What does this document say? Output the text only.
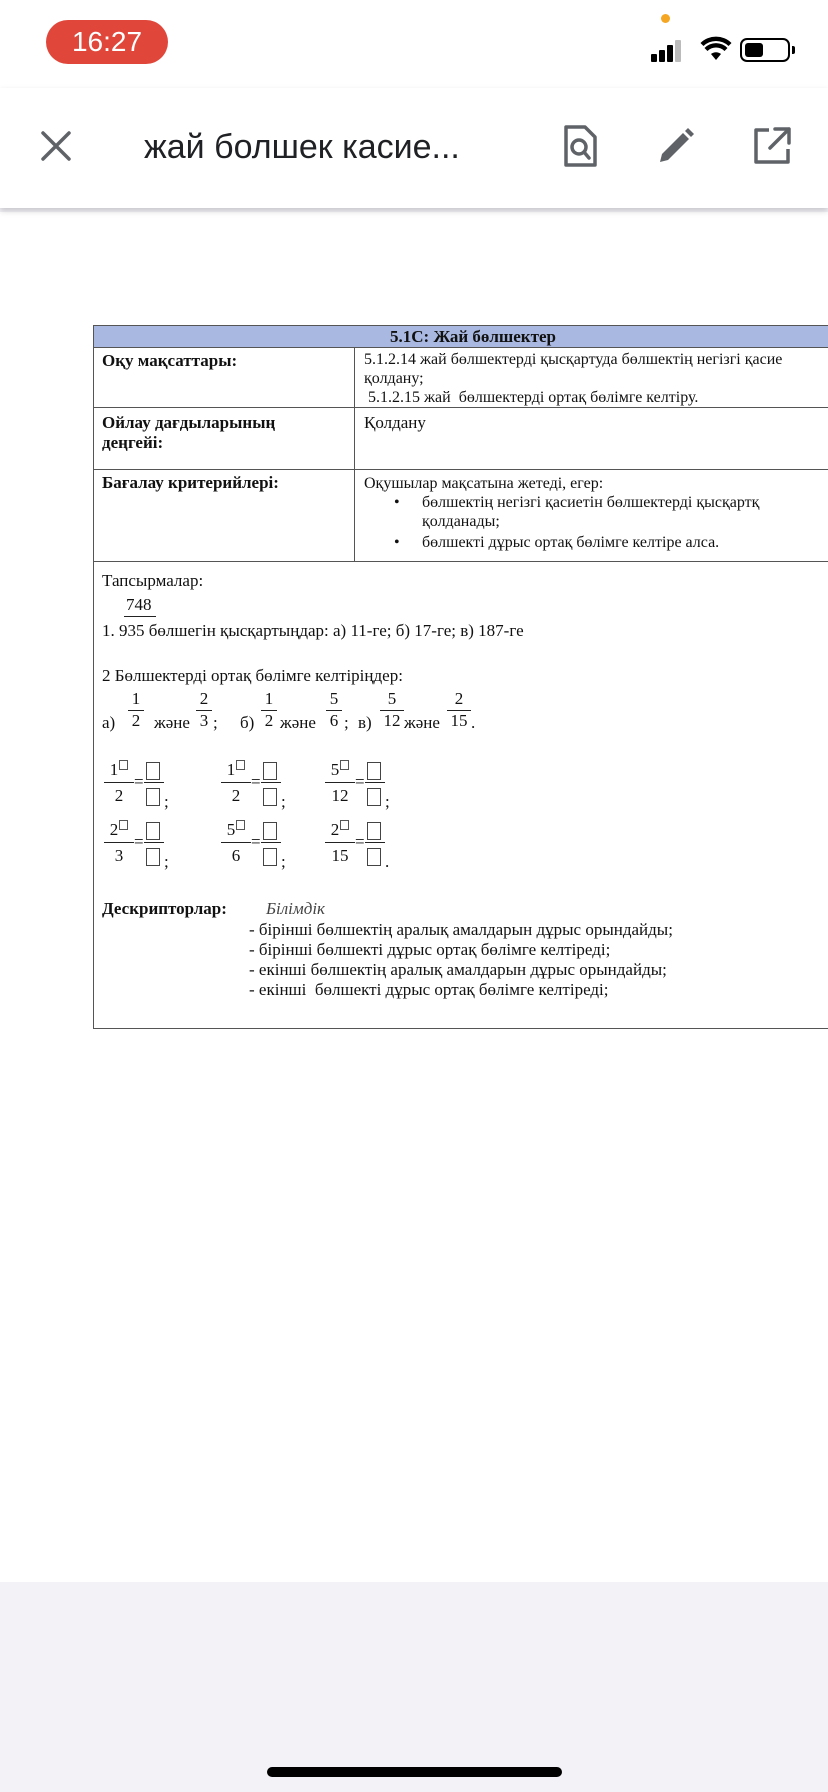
16:27
жай болшек касие...
5.1С: Жай бөлшектер
Оқу мақсаттары:	5.1.2.14 жай бөлшектерді қысқартуда бөлшектің негізгі қасие
қолдану;
5.1.2.15 жай  бөлшектерді ортақ бөлімге келтіру.
Ойлау дағдыларының
деңгейі:
Қолдану
Бағалау критерийлері:	Оқушылар мақсатына жетеді, егер:
• бөлшектің негізгі қасиетін бөлшектерді қысқартқ
қолданады;
• бөлшекті дұрыс ортақ бөлімге келтіре алса.
Тапсырмалар:
748
1. 935 бөлшегін қысқартыңдар: а) 11-ге; б) 17-ге; в) 187-ге
2 Бөлшектерді ортақ бөлімге келтіріңдер:
а)
1
2 және
2
3 ; б)
1
2 және
5
6 ; в)
5
12 және
2
15 .
1
2
=
;
1
2
=
;
5
12
=
;
2
3
=
;
5
6
=
;
2
15
=
.
Дескрипторлар: Білімдік
- бірінші бөлшектің аралық амалдарын дұрыс орындайды;
- бірінші бөлшекті дұрыс ортақ бөлімге келтіреді;
- екінші бөлшектің аралық амалдарын дұрыс орындайды;
- екінші  бөлшекті дұрыс ортақ бөлімге келтіреді;
